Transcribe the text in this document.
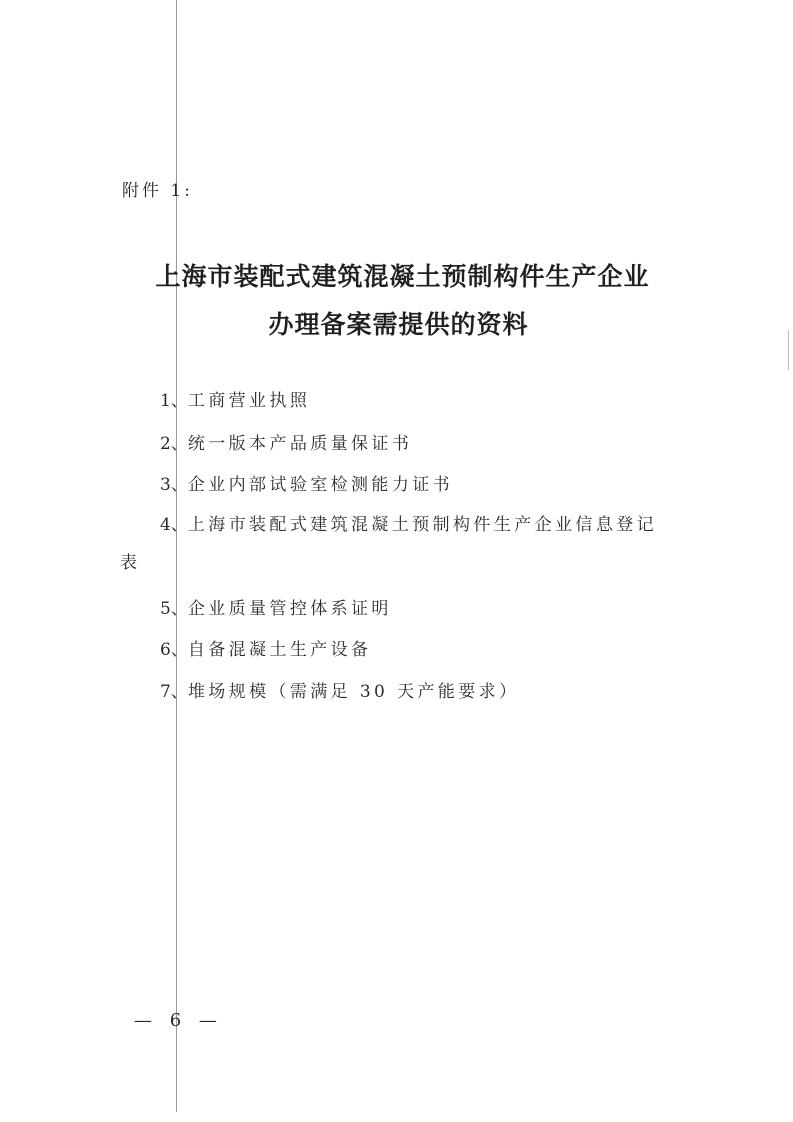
附件 1:
上海市装配式建筑混凝土预制构件生产企业
办理备案需提供的资料
1、工商营业执照
2、统一版本产品质量保证书
3、企业内部试验室检测能力证书
4、上海市装配式建筑混凝土预制构件生产企业信息登记
表
5、企业质量管控体系证明
6、自备混凝土生产设备
7、堆场规模（需满足 30 天产能要求）
— 6 —
